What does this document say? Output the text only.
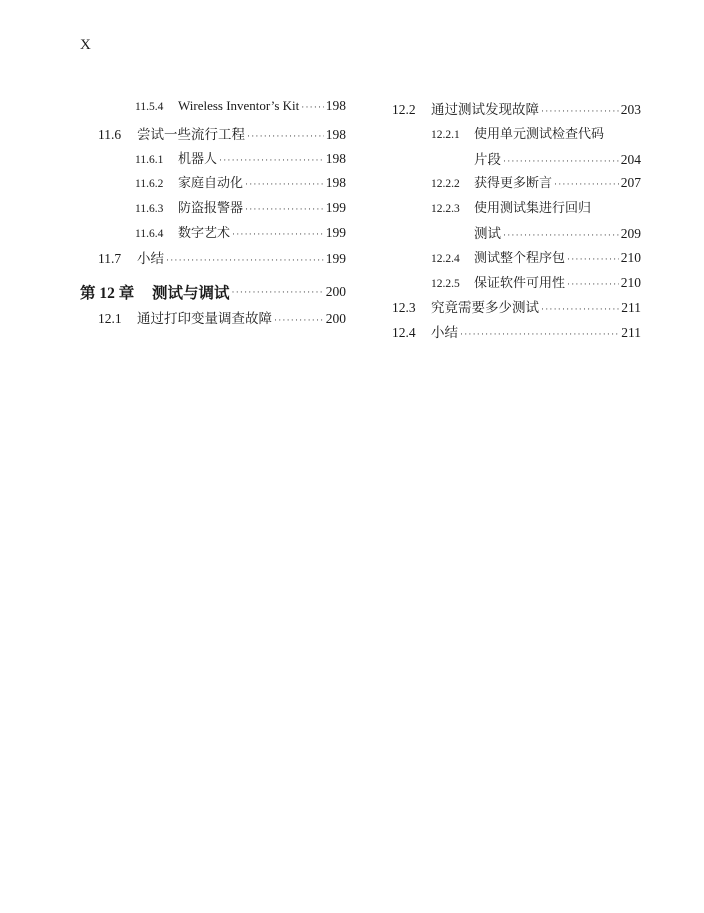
X
11.5.4	Wireless Inventor’s Kit ····· 198
11.6	尝试一些流行工程 ·····	198
11.6.1	机器人 ·····	198
11.6.2	家庭自动化 ·····	198
11.6.3	防盗报警器 ·····	199
11.6.4	数字艺术 ·····	199
11.7	小结 ·····	199
第 12 章	测试与调试 ·····	200
12.1	通过打印变量调查故障 ·····	200
12.2	通过测试发现故障 ·····	203
12.2.1	使用单元测试检查代码
片段 ·····	204
12.2.2	获得更多断言 ·····	207
12.2.3	使用测试集进行回归
测试 ·····	209
12.2.4	测试整个程序包 ·····	210
12.2.5	保证软件可用性 ·····	210
12.3	究竟需要多少测试 ·····	211
12.4	小结 ·····	211
